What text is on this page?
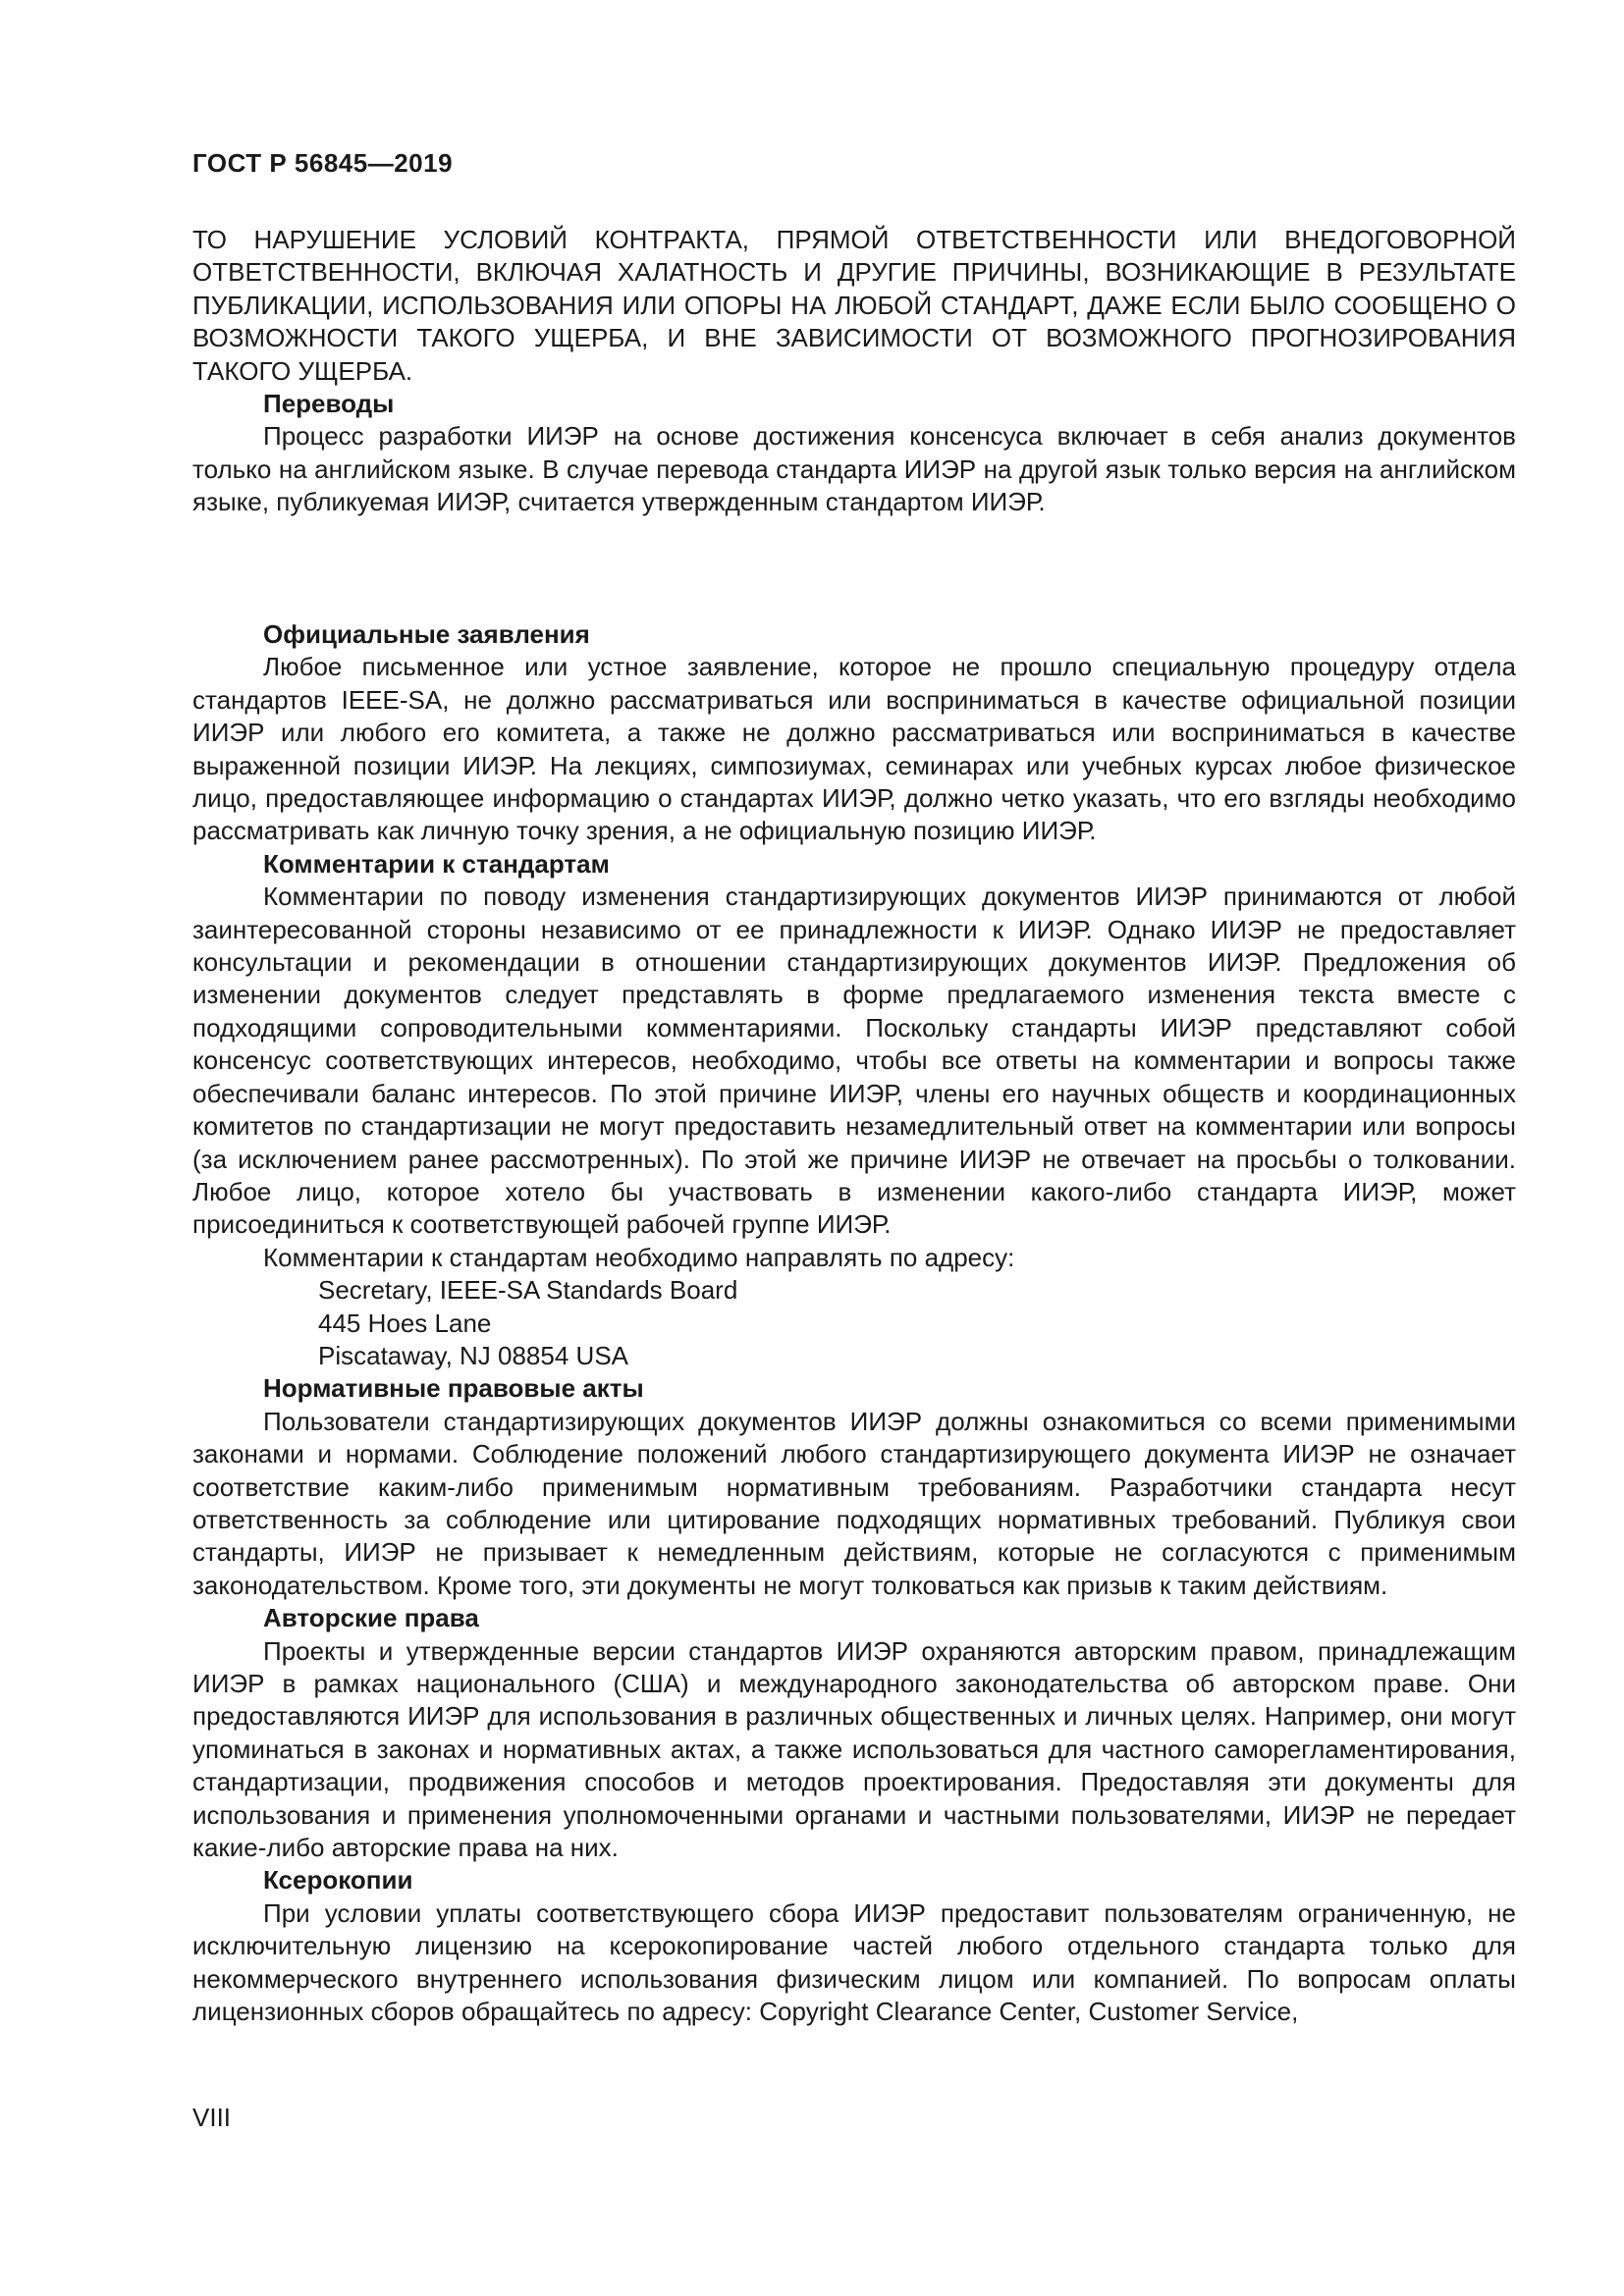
ГОСТ Р 56845—2019

ТО НАРУШЕНИЕ УСЛОВИЙ КОНТРАКТА, ПРЯМОЙ ОТВЕТСТВЕННОСТИ ИЛИ ВНЕДОГОВОРНОЙ ОТВЕТСТВЕННОСТИ, ВКЛЮЧАЯ ХАЛАТНОСТЬ И ДРУГИЕ ПРИЧИНЫ, ВОЗНИКАЮЩИЕ В РЕЗУЛЬТАТЕ ПУБЛИКАЦИИ, ИСПОЛЬЗОВАНИЯ ИЛИ ОПОРЫ НА ЛЮБОЙ СТАНДАРТ, ДАЖЕ ЕСЛИ БЫЛО СООБЩЕНО О ВОЗМОЖНОСТИ ТАКОГО УЩЕРБА, И ВНЕ ЗАВИСИМОСТИ ОТ ВОЗМОЖНОГО ПРОГНОЗИРОВАНИЯ ТАКОГО УЩЕРБА.

Переводы

Процесс разработки ИИЭР на основе достижения консенсуса включает в себя анализ документов только на английском языке. В случае перевода стандарта ИИЭР на другой язык только версия на английском языке, публикуемая ИИЭР, считается утвержденным стандартом ИИЭР.

Официальные заявления

Любое письменное или устное заявление, которое не прошло специальную процедуру отдела стандартов IEEE-SA, не должно рассматриваться или восприниматься в качестве официальной позиции ИИЭР или любого его комитета, а также не должно рассматриваться или восприниматься в качестве выраженной позиции ИИЭР. На лекциях, симпозиумах, семинарах или учебных курсах любое физическое лицо, предоставляющее информацию о стандартах ИИЭР, должно четко указать, что его взгляды необходимо рассматривать как личную точку зрения, а не официальную позицию ИИЭР.

Комментарии к стандартам

Комментарии по поводу изменения стандартизирующих документов ИИЭР принимаются от любой заинтересованной стороны независимо от ее принадлежности к ИИЭР. Однако ИИЭР не предоставляет консультации и рекомендации в отношении стандартизирующих документов ИИЭР. Предложения об изменении документов следует представлять в форме предлагаемого изменения текста вместе с подходящими сопроводительными комментариями. Поскольку стандарты ИИЭР представляют собой консенсус соответствующих интересов, необходимо, чтобы все ответы на комментарии и вопросы также обеспечивали баланс интересов. По этой причине ИИЭР, члены его научных обществ и координационных комитетов по стандартизации не могут предоставить незамедлительный ответ на комментарии или вопросы (за исключением ранее рассмотренных). По этой же причине ИИЭР не отвечает на просьбы о толковании. Любое лицо, которое хотело бы участвовать в изменении какого-либо стандарта ИИЭР, может присоединиться к соответствующей рабочей группе ИИЭР.

Комментарии к стандартам необходимо направлять по адресу:

Secretary, IEEE-SA Standards Board

445 Hoes Lane

Piscataway, NJ 08854 USA

Нормативные правовые акты

Пользователи стандартизирующих документов ИИЭР должны ознакомиться со всеми применимыми законами и нормами. Соблюдение положений любого стандартизирующего документа ИИЭР не означает соответствие каким-либо применимым нормативным требованиям. Разработчики стандарта несут ответственность за соблюдение или цитирование подходящих нормативных требований. Публикуя свои стандарты, ИИЭР не призывает к немедленным действиям, которые не согласуются с применимым законодательством. Кроме того, эти документы не могут толковаться как призыв к таким действиям.

Авторские права

Проекты и утвержденные версии стандартов ИИЭР охраняются авторским правом, принадлежащим ИИЭР в рамках национального (США) и международного законодательства об авторском праве. Они предоставляются ИИЭР для использования в различных общественных и личных целях. Например, они могут упоминаться в законах и нормативных актах, а также использоваться для частного саморегламентирования, стандартизации, продвижения способов и методов проектирования. Предоставляя эти документы для использования и применения уполномоченными органами и частными пользователями, ИИЭР не передает какие-либо авторские права на них.

Ксерокопии

При условии уплаты соответствующего сбора ИИЭР предоставит пользователям ограниченную, не исключительную лицензию на ксерокопирование частей любого отдельного стандарта только для некоммерческого внутреннего использования физическим лицом или компанией. По вопросам оплаты лицензионных сборов обращайтесь по адресу: Copyright Clearance Center, Customer Service,

VIII
